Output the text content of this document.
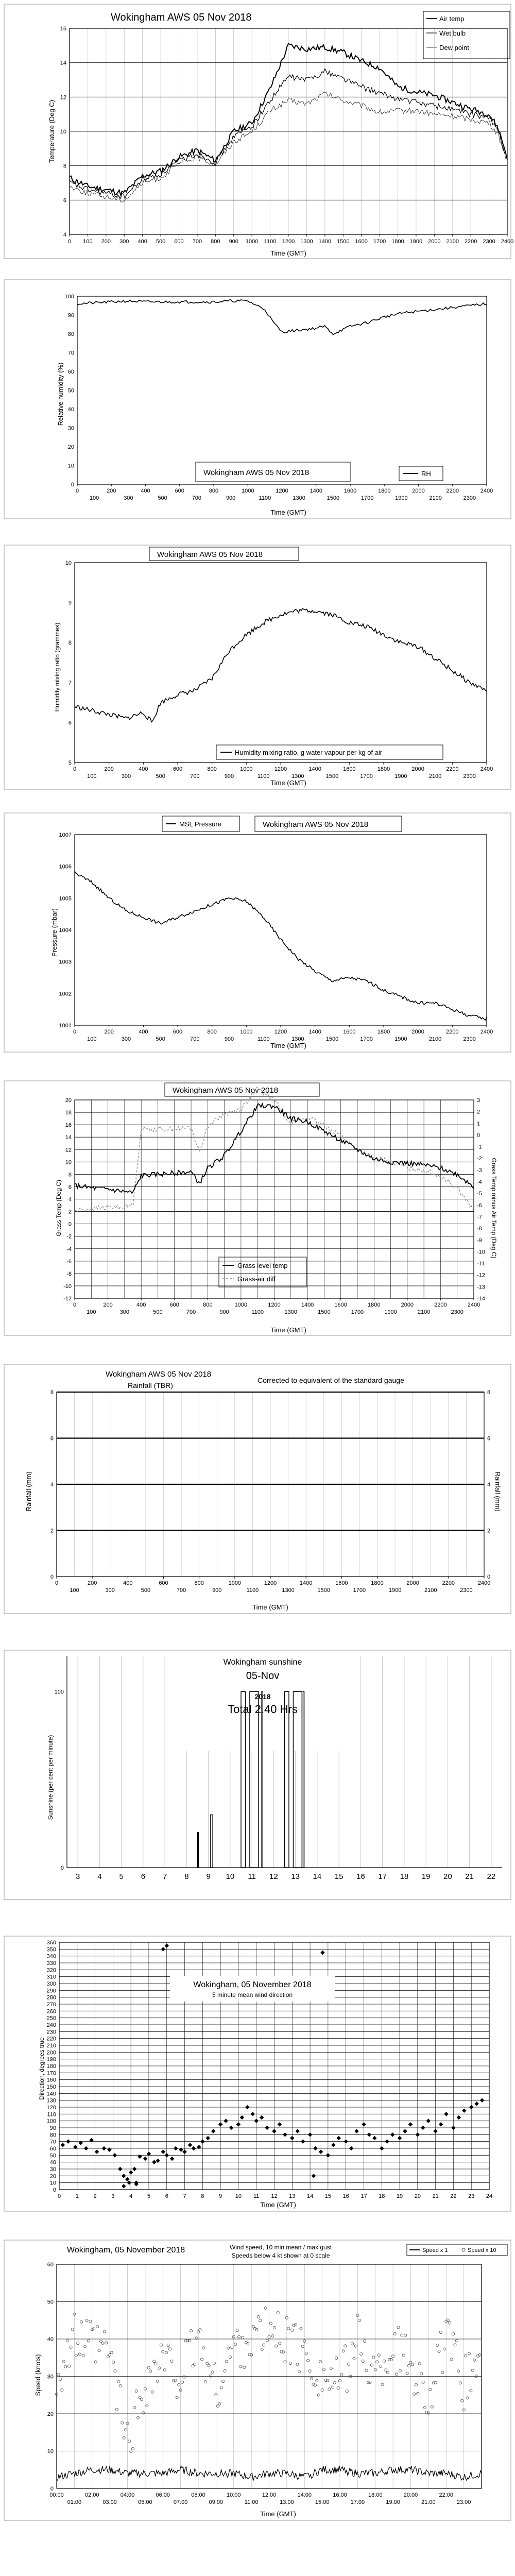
Wokingham AWS 05 Nov 2018
Time (GMT)
Temperature (Deg C)
Air temp
Wet bulb
Dew point
4
6
8
10
12
14
16
0 100 200 300 400 500 600 700 800 900 1000 1100 1200 1300 1400 1500 1600 1700 1800 1900 2000 2100 2200 2300 2400
Time (GMT)
Relative humidity (%)
Wokingham AWS 05 Nov 2018	RH
0
10
20
30
40
50
60
70
80
90
100
0	200	400	600	800	1000	1200	1400	1600	1800	2000	2200	2400
100	300	500	700	900	1100	1300	1500	1700	1900	2100	2300
Wokingham AWS 05 Nov 2018
Time (GMT)
Humidity mixing ratio (grammes)
Humidity mixing ratio, g water vapour per kg of air
5
6
7
8
9
10
0	200	400	600	800	1000	1200	1400	1600	1800	2000	2200	2400
100	300	500	700	900	1100	1300	1500	1700	1900	2100	2300
MSL Pressure	Wokingham AWS 05 Nov 2018
Time (GMT)
Pressure (mbar)
1001
1002
1003
1004
1005
1006
1007
0	200	400	600	800	1000	1200	1400	1600	1800	2000	2200	2400
100	300	500	700	900	1100	1300	1500	1700	1900	2100	2300
Wokingham AWS 05 Nov 2018
Time (GMT)
Grass Temp (Deg C)	Grass Temp minus Air Temp (Deg C)
Grass level temp
Grass-air diff
-12
-10
-8
-6
-4
-2
0
2
4
6
8
10
12
14
16
18
20
-14
-13
-12
-11
-10
-9
-8
-7
-6
-5
-4
-3
-2
-1
0
1
2
3
0	200	400	600	800	1000	1200	1400	1600	1800	2000	2200	2400
100	300	500	700	900	1100	1300	1500	1700	1900	2100	2300
Wokingham AWS 05 Nov 2018
Rainfall (TBR)
Corrected to equivalent of the standard gauge
Time (GMT)
Rainfall (mm)	Rainfall (mm)
0	0
2	2
4	4
6	6
8	8
0	200	400	600	800	1000	1200	1400	1600	1800	2000	2200	2400
100	300	500	700	900	1100	1300	1500	1700	1900	2100	2300
Sunshine (per cent per minute)
0
100
Wokingham sunshine
05-Nov
2018
Total 2.40 Hrs
3 4 5 6 7 8 9 10 11 12 13 14 15 16 17 18 19 20 21 22
Direction, degrees true
Time (GMT)
0
10
20
30
40
50
60
70
80
90
100
110
120
130
140
150
160
170
180
190
200
210
220
230
240
250
260
270
280
290
300
310
320
330
340
350
360
Wokingham, 05 November 2018
5 minute mean wind direction
0	1	2	3	4	5	6	7	8	9 10 11 12 13 14 15 16 17 18 19 20 21 22 23 24
Wokingham, 05 November 2018	Wind speed, 10 min mean / max gust
Speeds below 4 kt shown at 0 scale
Speed (knots)
Time (GMT)
Speed x 1	Speed x 10
0
10
20
30
40
50
60
00:00	02:00	04:00	06:00	08:00	10:00	12:00	14:00	16:00	18:00	20:00	22:00
01:00	03:00	05:00	07:00	09:00	11:00	13:00	15:00	17:00	19:00	21:00	23:00
